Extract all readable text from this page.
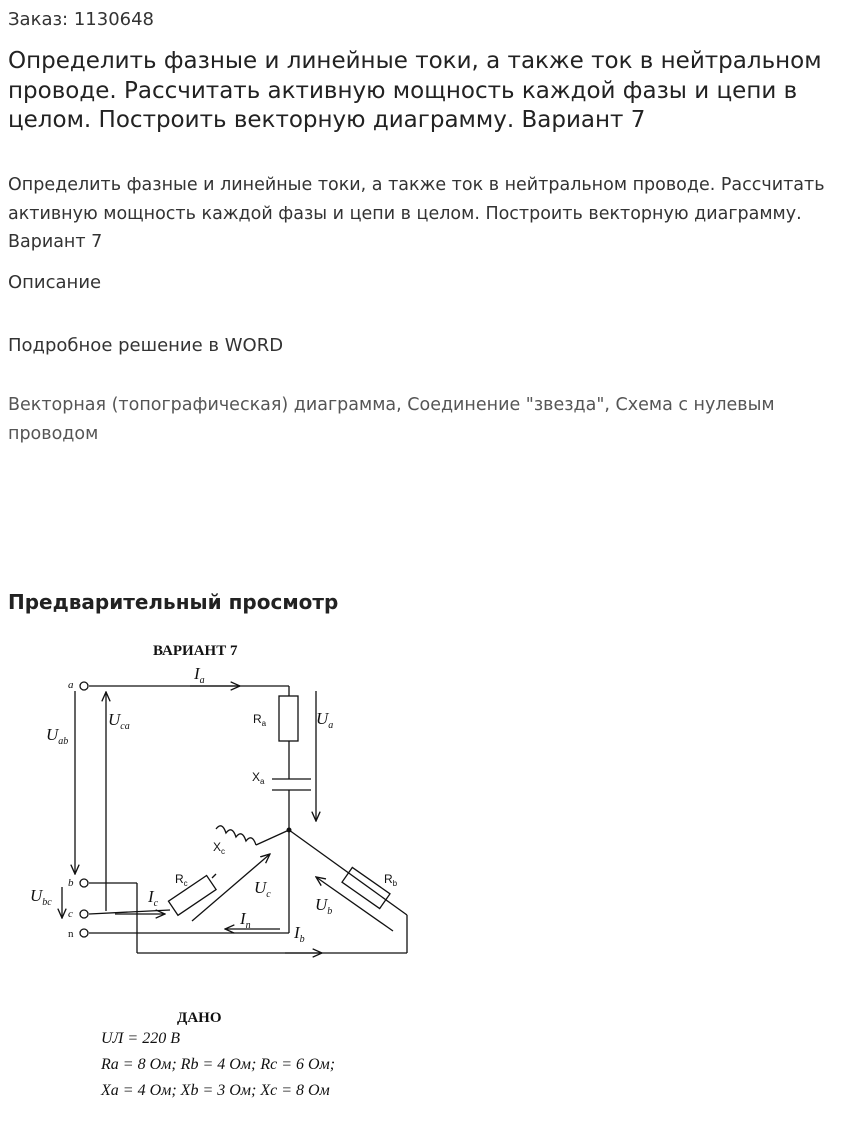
Заказ: 1130648
Определить фазные и линейные токи, а также ток в нейтральном проводе. Рассчитать активную мощность каждой фазы и цепи в целом. Построить векторную диаграмму. Вариант 7

Определить фазные и линейные токи, а также ток в нейтральном проводе. Рассчитать активную мощность каждой фазы и цепи в целом. Построить векторную диаграмму. Вариант 7

Описание
Подробное решение в WORD
Векторная (топографическая) диаграмма, Соединение "звезда", Схема с нулевым проводом
Предварительный просмотр
ВАРИАНТ 7
a
b
c
n
$I_a$
$U_{ab}$
$U_{ca}$	$U_a$
$U_{bc}$	$I_c$
$U_c$
$U_b$
$I_n$	$I_b$
$R_a$
$X_a$
$X_c$
$R_c$	$R_b$
ДАНО
UЛ = 220 В
Ra = 8 Ом; Rb = 4 Ом; Rc = 6 Ом;
Xa = 4 Ом; Xb = 3 Ом; Xc = 8 Ом
